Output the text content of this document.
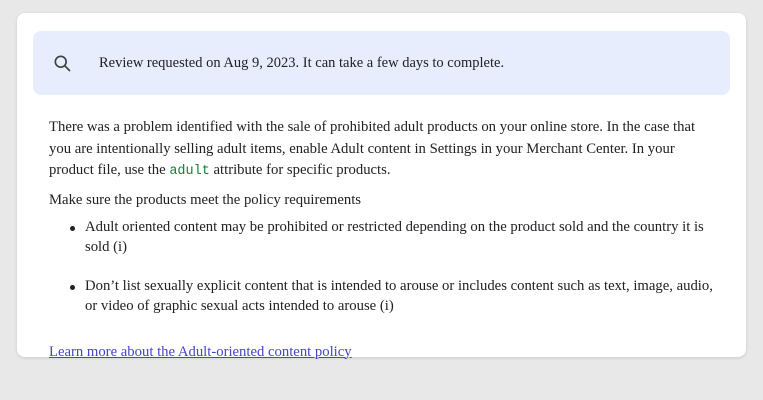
Review requested on Aug 9, 2023. It can take a few days to complete.

There was a problem identified with the sale of prohibited adult products on your online store. In the case that you are intentionally selling adult items, enable Adult content in Settings in your Merchant Center. In your product file, use the adult attribute for specific products.

Make sure the products meet the policy requirements

Adult oriented content may be prohibited or restricted depending on the product sold and the country it is sold (i)
Don’t list sexually explicit content that is intended to arouse or includes content such as text, image, audio, or video of graphic sexual acts intended to arouse (i)
Learn more about the Adult-oriented content policy
